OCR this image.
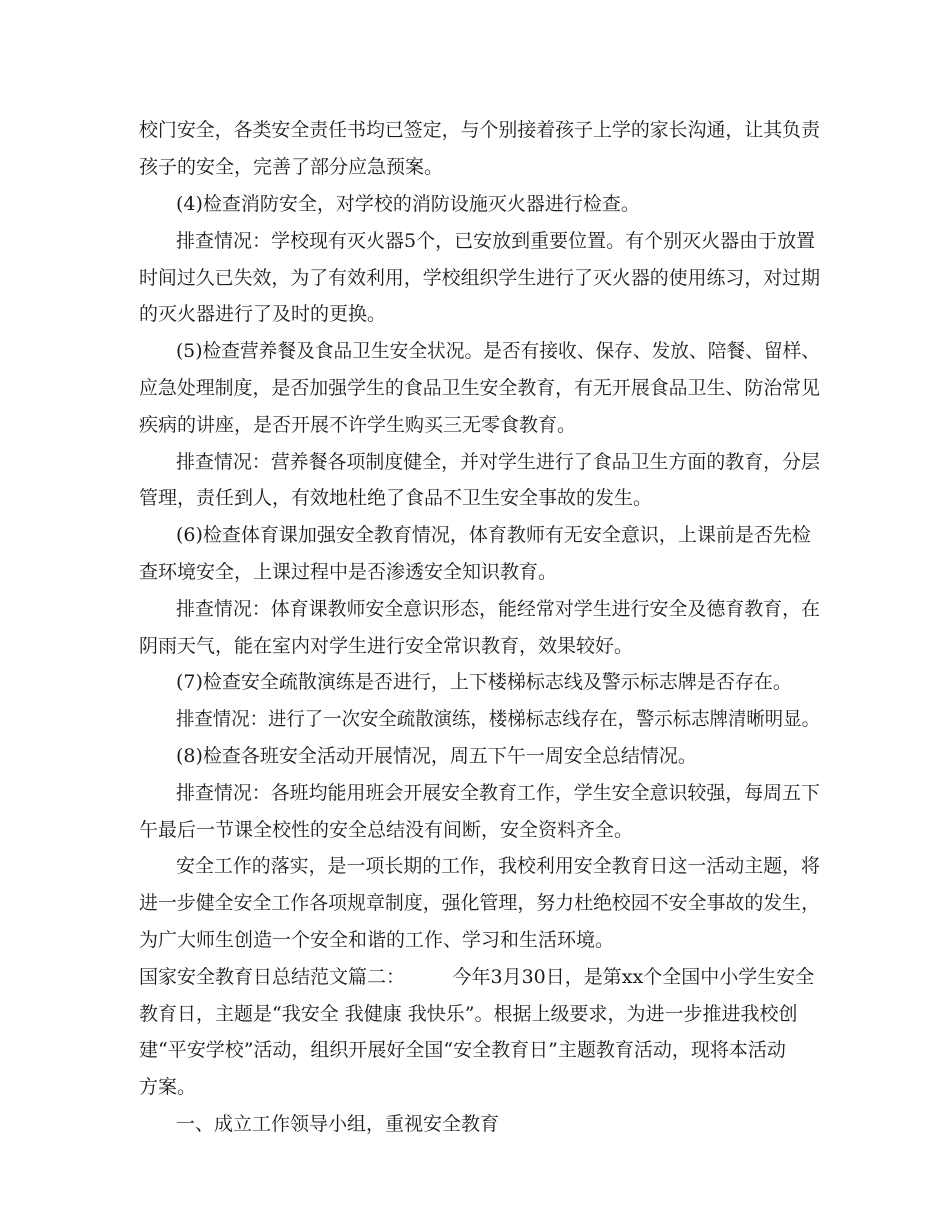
校门安全，各类安全责任书均已签定，与个别接着孩子上学的家长沟通，让其负责
孩子的安全，完善了部分应急预案。
(4)检查消防安全，对学校的消防设施灭火器进行检查。
排查情况：学校现有灭火器5个，已安放到重要位置。有个别灭火器由于放置
时间过久已失效，为了有效利用，学校组织学生进行了灭火器的使用练习，对过期
的灭火器进行了及时的更换。
(5)检查营养餐及食品卫生安全状况。是否有接收、保存、发放、陪餐、留样、
应急处理制度，是否加强学生的食品卫生安全教育，有无开展食品卫生、防治常见
疾病的讲座，是否开展不许学生购买三无零食教育。
排查情况：营养餐各项制度健全，并对学生进行了食品卫生方面的教育，分层
管理，责任到人，有效地杜绝了食品不卫生安全事故的发生。
(6)检查体育课加强安全教育情况，体育教师有无安全意识，上课前是否先检
查环境安全，上课过程中是否渗透安全知识教育。
排查情况：体育课教师安全意识形态，能经常对学生进行安全及德育教育，在
阴雨天气，能在室内对学生进行安全常识教育，效果较好。
(7)检查安全疏散演练是否进行，上下楼梯标志线及警示标志牌是否存在。
排查情况：进行了一次安全疏散演练，楼梯标志线存在，警示标志牌清晰明显。
(8)检查各班安全活动开展情况，周五下午一周安全总结情况。
排查情况：各班均能用班会开展安全教育工作，学生安全意识较强，每周五下
午最后一节课全校性的安全总结没有间断，安全资料齐全。
安全工作的落实，是一项长期的工作，我校利用安全教育日这一活动主题，将
进一步健全安全工作各项规章制度，强化管理，努力杜绝校园不安全事故的发生，
为广大师生创造一个安全和谐的工作、学习和生活环境。
国家安全教育日总结范文篇二：　　　今年3月30日，是第xx个全国中小学生安全
教育日，主题是“我安全 我健康 我快乐”。根据上级要求，为进一步推进我校创
建“平安学校”活动，组织开展好全国“安全教育日”主题教育活动，现将本活动
方案。
一、成立工作领导小组，重视安全教育
